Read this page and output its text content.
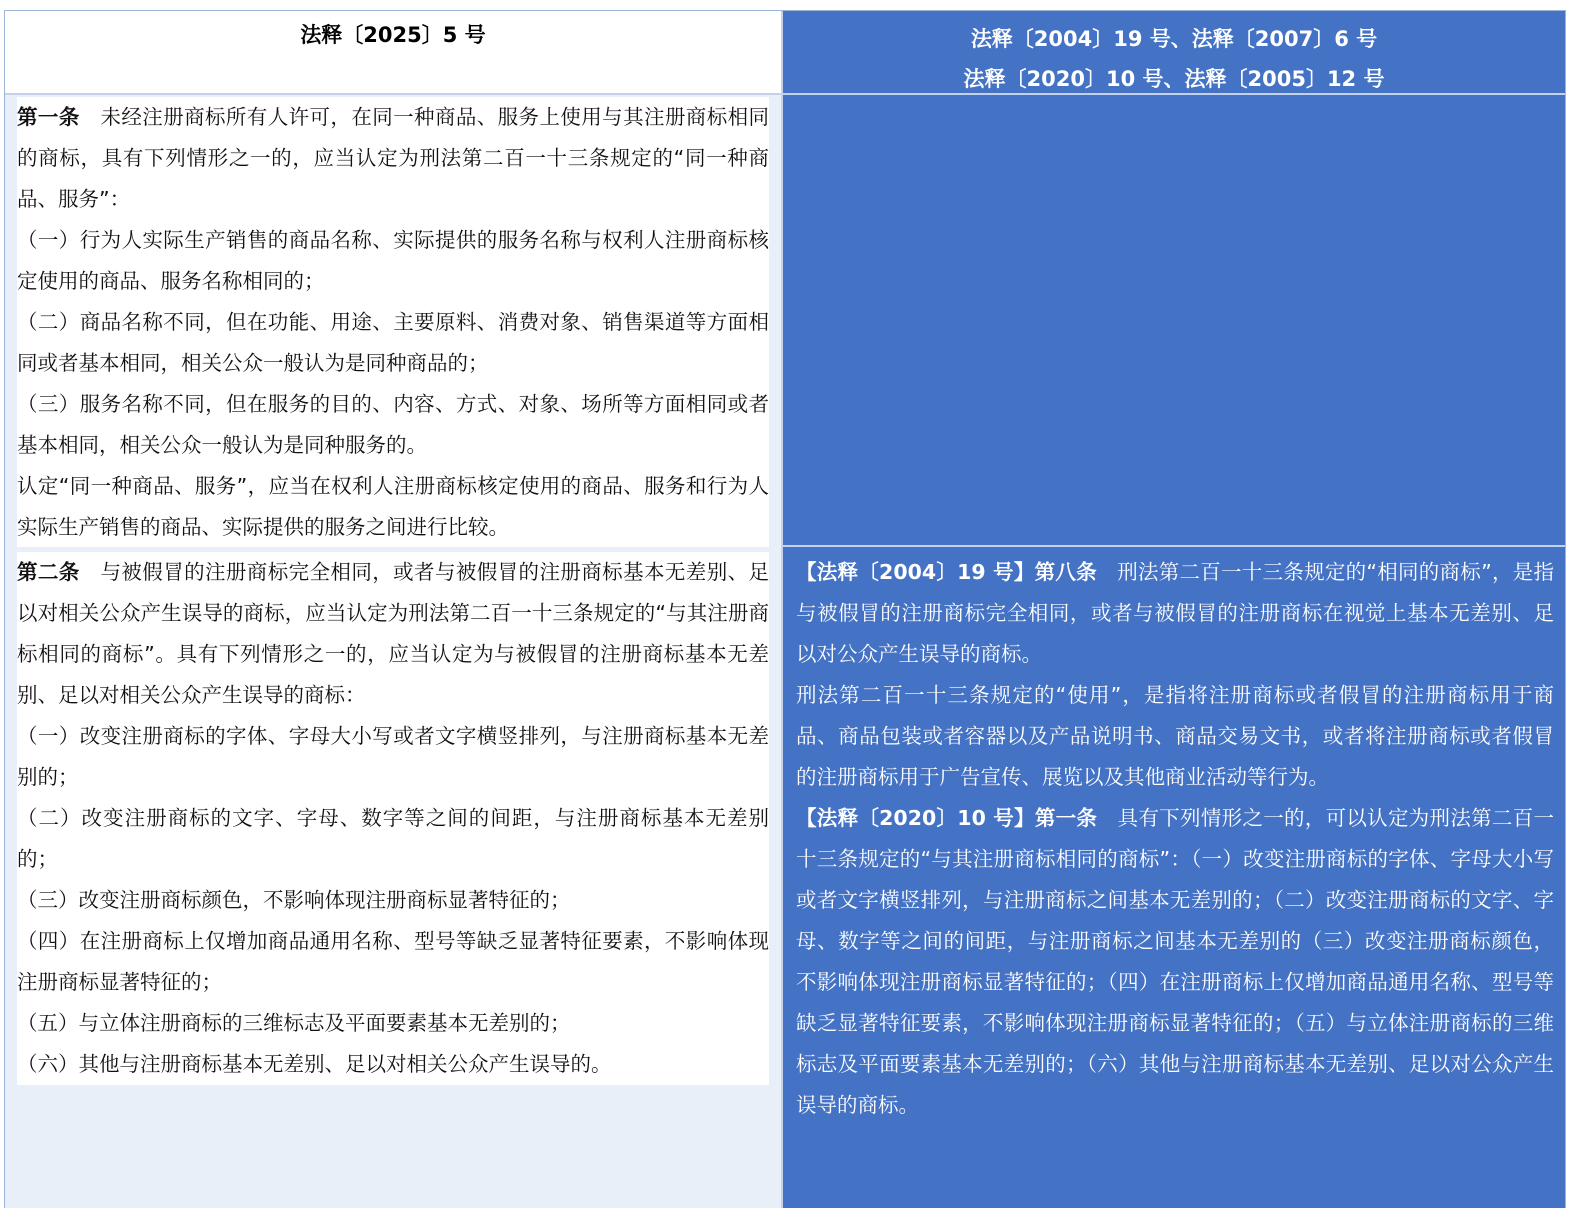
法释〔2025〕5 号	法释〔2004〕19 号、法释〔2007〕6 号
法释〔2020〕10 号、法释〔2005〕12 号
第一条 未经注册商标所有人许可，在同一种商品、服务上使用与其注册商标相同的商标，具有下列情形之一的，应当认定为刑法第二百一十三条规定的“同一种商品、服务”：
（一）行为人实际生产销售的商品名称、实际提供的服务名称与权利人注册商标核定使用的商品、服务名称相同的；
（二）商品名称不同，但在功能、用途、主要原料、消费对象、销售渠道等方面相同或者基本相同，相关公众一般认为是同种商品的；
（三）服务名称不同，但在服务的目的、内容、方式、对象、场所等方面相同或者基本相同，相关公众一般认为是同种服务的。
认定“同一种商品、服务”，应当在权利人注册商标核定使用的商品、服务和行为人实际生产销售的商品、实际提供的服务之间进行比较。
第二条 与被假冒的注册商标完全相同，或者与被假冒的注册商标基本无差别、足以对相关公众产生误导的商标，应当认定为刑法第二百一十三条规定的“与其注册商标相同的商标”。具有下列情形之一的，应当认定为与被假冒的注册商标基本无差别、足以对相关公众产生误导的商标：
（一）改变注册商标的字体、字母大小写或者文字横竖排列，与注册商标基本无差别的；
（二）改变注册商标的文字、字母、数字等之间的间距，与注册商标基本无差别的；
（三）改变注册商标颜色，不影响体现注册商标显著特征的；
（四）在注册商标上仅增加商品通用名称、型号等缺乏显著特征要素，不影响体现注册商标显著特征的；
（五）与立体注册商标的三维标志及平面要素基本无差别的；
（六）其他与注册商标基本无差别、足以对相关公众产生误导的。
【法释〔2004〕19 号】第八条 刑法第二百一十三条规定的“相同的商标”，是指与被假冒的注册商标完全相同，或者与被假冒的注册商标在视觉上基本无差别、足以对公众产生误导的商标。
刑法第二百一十三条规定的“使用”，是指将注册商标或者假冒的注册商标用于商品、商品包装或者容器以及产品说明书、商品交易文书，或者将注册商标或者假冒的注册商标用于广告宣传、展览以及其他商业活动等行为。
【法释〔2020〕10 号】第一条 具有下列情形之一的，可以认定为刑法第二百一十三条规定的“与其注册商标相同的商标”：（一）改变注册商标的字体、字母大小写或者文字横竖排列，与注册商标之间基本无差别的；（二）改变注册商标的文字、字母、数字等之间的间距，与注册商标之间基本无差别的（三）改变注册商标颜色，不影响体现注册商标显著特征的；（四）在注册商标上仅增加商品通用名称、型号等缺乏显著特征要素，不影响体现注册商标显著特征的；（五）与立体注册商标的三维标志及平面要素基本无差别的；（六）其他与注册商标基本无差别、足以对公众产生误导的商标。
